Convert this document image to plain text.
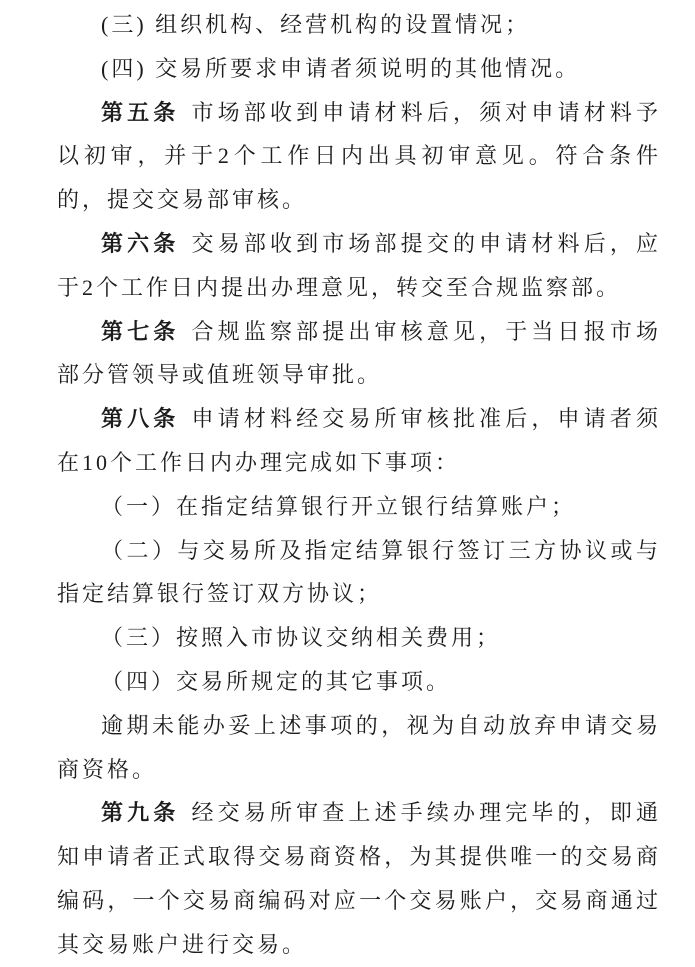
(三) 组织机构、经营机构的设置情况；

(四) 交易所要求申请者须说明的其他情况。

第五条 市场部收到申请材料后，须对申请材料予以初审，并于2个工作日内出具初审意见。符合条件的，提交交易部审核。

第六条 交易部收到市场部提交的申请材料后，应于2个工作日内提出办理意见，转交至合规监察部。

第七条 合规监察部提出审核意见，于当日报市场部分管领导或值班领导审批。

第八条 申请材料经交易所审核批准后，申请者须在10个工作日内办理完成如下事项：

（一）在指定结算银行开立银行结算账户；

（二）与交易所及指定结算银行签订三方协议或与指定结算银行签订双方协议；

（三）按照入市协议交纳相关费用；

（四）交易所规定的其它事项。

逾期未能办妥上述事项的，视为自动放弃申请交易商资格。

第九条 经交易所审查上述手续办理完毕的，即通知申请者正式取得交易商资格，为其提供唯一的交易商编码，一个交易商编码对应一个交易账户，交易商通过其交易账户进行交易。
